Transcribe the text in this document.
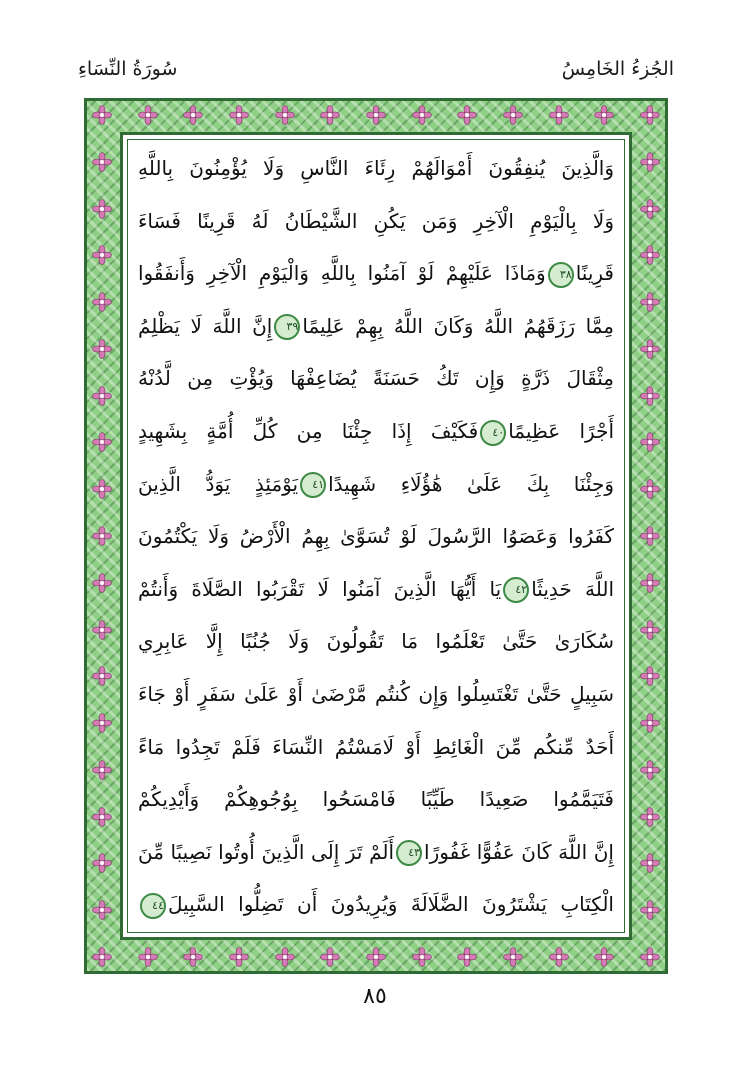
الجُزءُ الخَامِسُ
سُورَةُ النِّسَاءِ
وَالَّذِينَ يُنفِقُونَ أَمْوَالَهُمْ رِئَاءَ النَّاسِ وَلَا يُؤْمِنُونَ بِاللَّهِ
وَلَا بِالْيَوْمِ الْآخِرِ وَمَن يَكُنِ الشَّيْطَانُ لَهُ قَرِينًا فَسَاءَ
قَرِينًا٣٨وَمَاذَا عَلَيْهِمْ لَوْ آمَنُوا بِاللَّهِ وَالْيَوْمِ الْآخِرِ وَأَنفَقُوا
مِمَّا رَزَقَهُمُ اللَّهُ وَكَانَ اللَّهُ بِهِمْ عَلِيمًا٣٩إِنَّ اللَّهَ لَا يَظْلِمُ
مِثْقَالَ ذَرَّةٍ وَإِن تَكُ حَسَنَةً يُضَاعِفْهَا وَيُؤْتِ مِن لَّدُنْهُ
أَجْرًا عَظِيمًا٤٠فَكَيْفَ إِذَا جِئْنَا مِن كُلِّ أُمَّةٍ بِشَهِيدٍ
وَجِئْنَا بِكَ عَلَىٰ هَٰؤُلَاءِ شَهِيدًا٤١يَوْمَئِذٍ يَوَدُّ الَّذِينَ
كَفَرُوا وَعَصَوُا الرَّسُولَ لَوْ تُسَوَّىٰ بِهِمُ الْأَرْضُ وَلَا يَكْتُمُونَ
اللَّهَ حَدِيثًا٤٢يَا أَيُّهَا الَّذِينَ آمَنُوا لَا تَقْرَبُوا الصَّلَاةَ وَأَنتُمْ
سُكَارَىٰ حَتَّىٰ تَعْلَمُوا مَا تَقُولُونَ وَلَا جُنُبًا إِلَّا عَابِرِي
سَبِيلٍ حَتَّىٰ تَغْتَسِلُوا وَإِن كُنتُم مَّرْضَىٰ أَوْ عَلَىٰ سَفَرٍ أَوْ جَاءَ
أَحَدٌ مِّنكُم مِّنَ الْغَائِطِ أَوْ لَامَسْتُمُ النِّسَاءَ فَلَمْ تَجِدُوا مَاءً
فَتَيَمَّمُوا صَعِيدًا طَيِّبًا فَامْسَحُوا بِوُجُوهِكُمْ وَأَيْدِيكُمْ
إِنَّ اللَّهَ كَانَ عَفُوًّا غَفُورًا٤٣أَلَمْ تَرَ إِلَى الَّذِينَ أُوتُوا نَصِيبًا مِّنَ
الْكِتَابِ يَشْتَرُونَ الضَّلَالَةَ وَيُرِيدُونَ أَن تَضِلُّوا السَّبِيلَ٤٤
٨٥
